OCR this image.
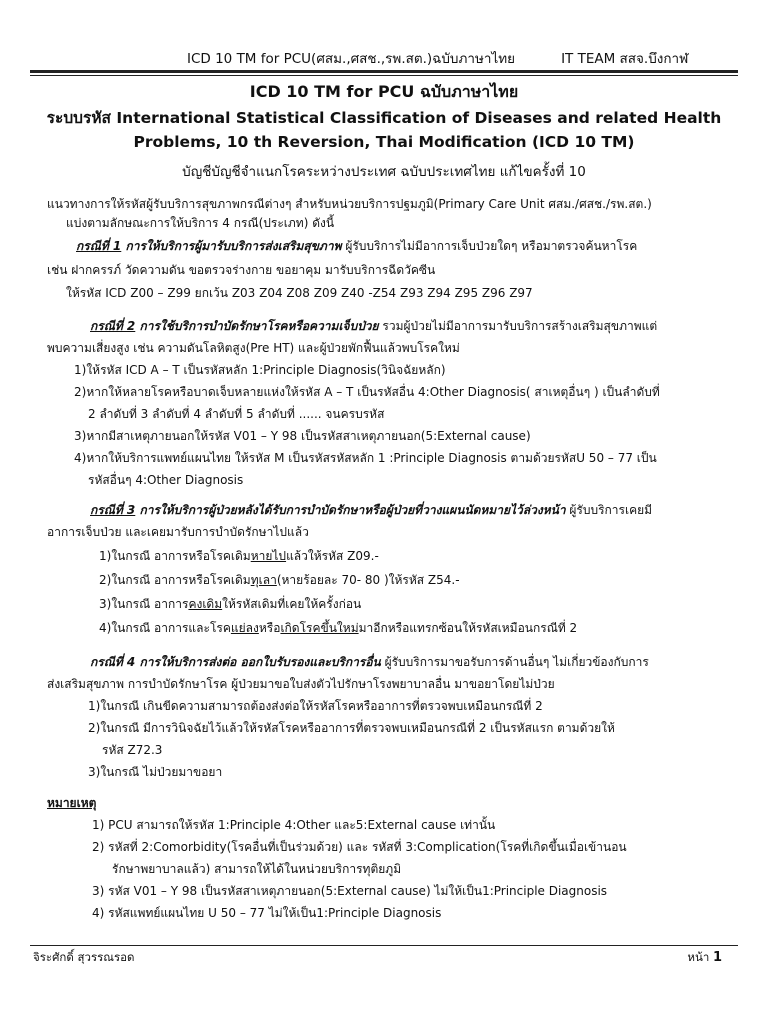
ICD 10 TM for PCU(ศสม.,ศสช.,รพ.สต.)ฉบับภาษาไทย	IT TEAM สสจ.บึงกาฬ
ICD 10 TM for PCU ฉบับภาษาไทย
ระบบรหัส International Statistical Classification of Diseases and related Health
Problems, 10 th Reversion, Thai Modification (ICD 10 TM)
บัญชีบัญชีจำแนกโรคระหว่างประเทศ ฉบับประเทศไทย แก้ไขครั้งที่ 10
แนวทางการให้รหัสผู้รับบริการสุขภาพกรณีต่างๆ สำหรับหน่วยบริการปฐมภูมิ(Primary Care Unit ศสม./ศสช./รพ.สต.)
แบ่งตามลักษณะการให้บริการ 4 กรณี(ประเภท) ดังนี้
กรณีที่ 1 การให้บริการผู้มารับบริการส่งเสริมสุขภาพ ผู้รับบริการไม่มีอาการเจ็บป่วยใดๆ หรือมาตรวจค้นหาโรค
เช่น ฝากครรภ์ วัดความดัน ขอตรวจร่างกาย ขอยาคุม มารับบริการฉีดวัคซีน
ให้รหัส ICD Z00 – Z99 ยกเว้น Z03 Z04 Z08 Z09 Z40 -Z54 Z93 Z94 Z95 Z96 Z97
กรณีที่ 2 การใช้บริการบำบัดรักษาโรคหรือความเจ็บป่วย รวมผู้ป่วยไม่มีอาการมารับบริการสร้างเสริมสุขภาพแต่
พบความเสี่ยงสูง เช่น ความดันโลหิตสูง(Pre HT) และผู้ป่วยพักฟื้นแล้วพบโรคใหม่
1)ให้รหัส ICD A – T เป็นรหัสหลัก 1:Principle Diagnosis(วินิจฉัยหลัก)
2)หากให้หลายโรคหรือบาดเจ็บหลายแห่งให้รหัส A – T เป็นรหัสอื่น 4:Other Diagnosis( สาเหตุอื่นๆ ) เป็นลำดับที่
2 ลำดับที่ 3 ลำดับที่ 4 ลำดับที่ 5 ลำดับที่ ...... จนครบรหัส
3)หากมีสาเหตุภายนอกให้รหัส V01 – Y 98 เป็นรหัสสาเหตุภายนอก(5:External cause)
4)หากให้บริการแพทย์แผนไทย ให้รหัส M เป็นรหัสรหัสหลัก 1 :Principle Diagnosis ตามด้วยรหัสU 50 – 77 เป็น
รหัสอื่นๆ 4:Other Diagnosis
กรณีที่ 3 การให้บริการผู้ป่วยหลังได้รับการบำบัดรักษาหรือผู้ป่วยที่วางแผนนัดหมายไว้ล่วงหน้า ผู้รับบริการเคยมี
อาการเจ็บป่วย และเคยมารับการบำบัดรักษาไปแล้ว
1)ในกรณี อาการหรือโรคเดิมหายไปแล้วให้รหัส Z09.-
2)ในกรณี อาการหรือโรคเดิมทุเลา(หายร้อยละ 70- 80 )ให้รหัส Z54.-
3)ในกรณี อาการคงเดิมให้รหัสเดิมที่เคยให้ครั้งก่อน
4)ในกรณี อาการและโรคแย่ลงหรือเกิดโรคขึ้นใหม่มาอีกหรือแทรกซ้อนให้รหัสเหมือนกรณีที่ 2
กรณีที่ 4 การให้บริการส่งต่อ ออกใบรับรองและบริการอื่น ผู้รับบริการมาขอรับการด้านอื่นๆ ไม่เกี่ยวข้องกับการ
ส่งเสริมสุขภาพ การบำบัดรักษาโรค ผู้ป่วยมาขอใบส่งตัวไปรักษาโรงพยาบาลอื่น มาขอยาโดยไม่ป่วย
1)ในกรณี เกินขีดความสามารถต้องส่งต่อให้รหัสโรคหรืออาการที่ตรวจพบเหมือนกรณีที่ 2
2)ในกรณี มีการวินิจฉัยไว้แล้วให้รหัสโรคหรืออาการที่ตรวจพบเหมือนกรณีที่ 2 เป็นรหัสแรก ตามด้วยให้
รหัส Z72.3
3)ในกรณี ไม่ป่วยมาขอยา
หมายเหตุ
1) PCU สามารถให้รหัส 1:Principle 4:Other และ5:External cause เท่านั้น
2) รหัสที่ 2:Comorbidity(โรคอื่นที่เป็นร่วมด้วย) และ รหัสที่ 3:Complication(โรคที่เกิดขึ้นเมื่อเข้านอน
รักษาพยาบาลแล้ว) สามารถให้ได้ในหน่วยบริการทุติยภูมิ
3) รหัส V01 – Y 98 เป็นรหัสสาเหตุภายนอก(5:External cause) ไม่ให้เป็น1:Principle Diagnosis
4) รหัสแพทย์แผนไทย U 50 – 77 ไม่ให้เป็น1:Principle Diagnosis
จิระศักดิ์ สุวรรณรอด	หน้า 1
